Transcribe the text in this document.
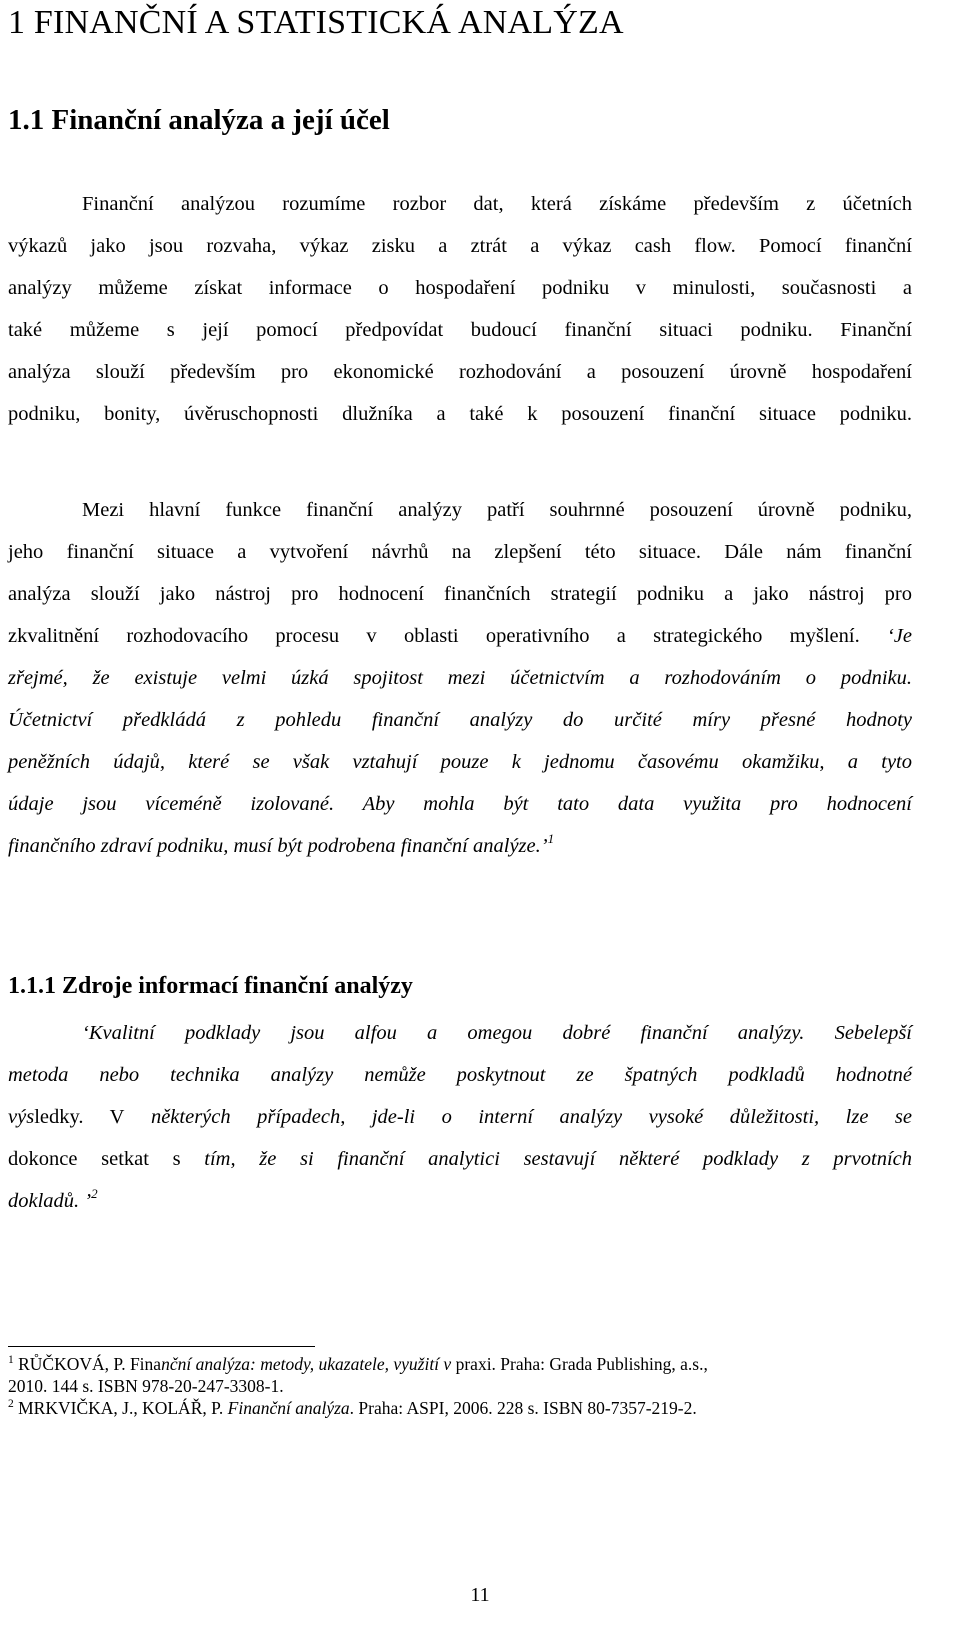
1 FINANČNÍ A STATISTICKÁ ANALÝZA
1.1 Finanční analýza a její účel
Finanční analýzou rozumíme rozbor dat, která získáme především z účetních
výkazů jako jsou rozvaha, výkaz zisku a ztrát a výkaz cash flow. Pomocí finanční
analýzy můžeme získat informace o hospodaření podniku v minulosti, současnosti a
také můžeme s její pomocí předpovídat budoucí finanční situaci podniku. Finanční
analýza slouží především pro ekonomické rozhodování a posouzení úrovně hospodaření
podniku, bonity, úvěruschopnosti dlužníka a také k posouzení finanční situace podniku.
Mezi hlavní funkce finanční analýzy patří souhrnné posouzení úrovně podniku,
jeho finanční situace a vytvoření návrhů na zlepšení této situace. Dále nám finanční
analýza slouží jako nástroj pro hodnocení finančních strategií podniku a jako nástroj pro
zkvalitnění rozhodovacího procesu v oblasti operativního a strategického myšlení. ‘Je
zřejmé, že existuje velmi úzká spojitost mezi účetnictvím a rozhodováním o podniku.
Účetnictví předkládá z pohledu finanční analýzy do určité míry přesné hodnoty
peněžních údajů, které se však vztahují pouze k jednomu časovému okamžiku, a tyto
údaje jsou víceméně izolované. Aby mohla být tato data využita pro hodnocení
finančního zdraví podniku, musí být podrobena finanční analýze.’$^1$
1.1.1 Zdroje informací finanční analýzy
‘Kvalitní podklady jsou alfou a omegou dobré finanční analýzy. Sebelepší
metoda nebo technika analýzy nemůže poskytnout ze špatných podkladů hodnotné
výsledky. V některých případech, jde-li o interní analýzy vysoké důležitosti, lze se
dokonce setkat s tím, že si finanční analytici sestavují některé podklady z prvotních
dokladů. ’$^2$
$^1$ RŮČKOVÁ, P. Finanční analýza: metody, ukazatele, využití v praxi. Praha: Grada Publishing, a.s.,
2010. 144 s. ISBN 978-20-247-3308-1.
$^2$ MRKVIČKA, J., KOLÁŘ, P. Finanční analýza. Praha: ASPI, 2006. 228 s. ISBN 80-7357-219-2.
11
